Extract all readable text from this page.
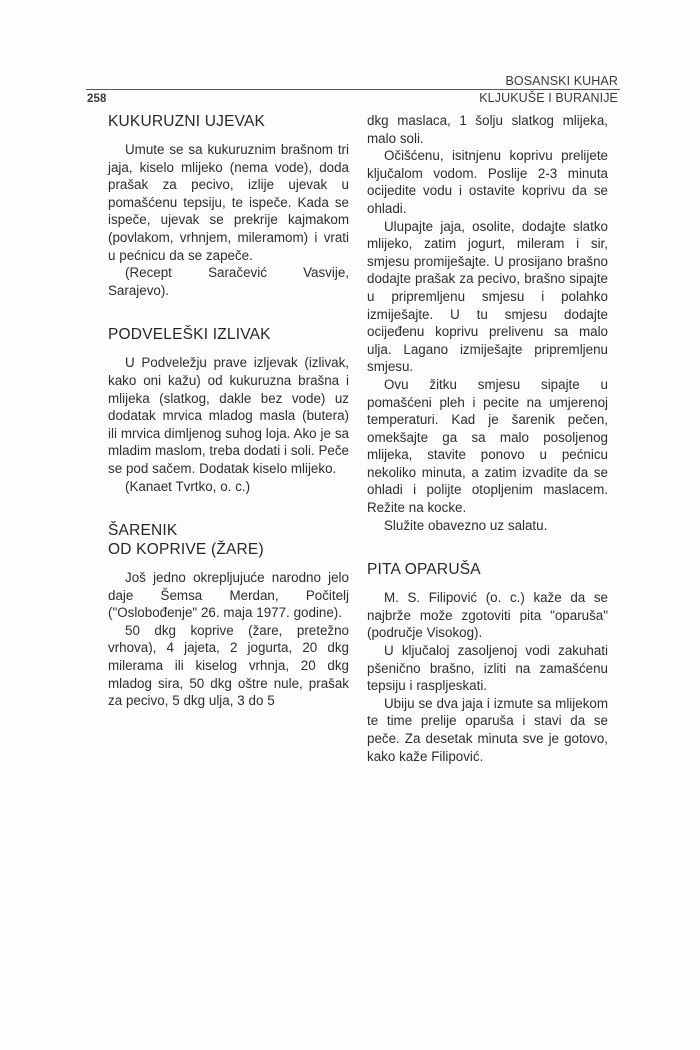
BOSANSKI KUHAR
258	KLJUKUŠE I BURANIJE
KUKURUZNI UJEVAK

Umute se sa kukuruznim brašnom tri jaja, kiselo mlijeko (nema vode), doda prašak za pecivo, izlije ujevak u pomašćenu tepsiju, te ispeče. Kada se ispeče, ujevak se prekrije kajmakom (povlakom, vrhnjem, mileramom) i vrati u pećnicu da se zapeče.

(Recept Saračević Vasvije, Sarajevo).

PODVELEŠKI IZLIVAK

U Podveležju prave izljevak (izlivak, kako oni kažu) od kukuruzna brašna i mlijeka (slatkog, dakle bez vode) uz dodatak mrvica mladog masla (butera) ili mrvica dimljenog suhog loja. Ako je sa mladim maslom, treba dodati i soli. Peče se pod sačem. Dodatak kiselo mlijeko.

(Kanaet Tvrtko, o. c.)

ŠARENIK
OD KOPRIVE (ŽARE)

Još jedno okrepljujuće narodno jelo daje Šemsa Merdan, Počitelj ("Oslobođenje" 26. maja 1977. godine).

50 dkg koprive (žare, pretežno vrhova), 4 jajeta, 2 jogurta, 20 dkg milerama ili kiselog vrhnja, 20 dkg mladog sira, 50 dkg oštre nule, prašak za pecivo, 5 dkg ulja, 3 do 5

dkg maslaca, 1 šolju slatkog mlijeka, malo soli.

Očišćenu, isitnjenu koprivu prelijete ključalom vodom. Poslije 2-3 minuta ocijedite vodu i ostavite koprivu da se ohladi.

Ulupajte jaja, osolite, dodajte slatko mlijeko, zatim jogurt, mileram i sir, smjesu promiješajte. U prosijano brašno dodajte prašak za pecivo, brašno sipajte u pripremljenu smjesu i polahko izmiješajte. U tu smjesu dodajte ocijeđenu koprivu prelivenu sa malo ulja. Lagano izmiješajte pripremljenu smjesu.

Ovu žitku smjesu sipajte u pomašćeni pleh i pecite na umjerenoj temperaturi. Kad je šarenik pečen, omekšajte ga sa malo posoljenog mlijeka, stavite ponovo u pećnicu nekoliko minuta, a zatim izvadite da se ohladi i polijte otopljenim maslacem. Režite na kocke.

Služite obavezno uz salatu.

PITA OPARUŠA

M. S. Filipović (o. c.) kaže da se najbrže može zgotoviti pita "oparuša" (područje Visokog).

U ključaloj zasoljenoj vodi zakuhati pšenično brašno, izliti na zamašćenu tepsiju i raspljeskati.

Ubiju se dva jaja i izmute sa mlijekom te time prelije oparuša i stavi da se peče. Za desetak minuta sve je gotovo, kako kaže Filipović.
